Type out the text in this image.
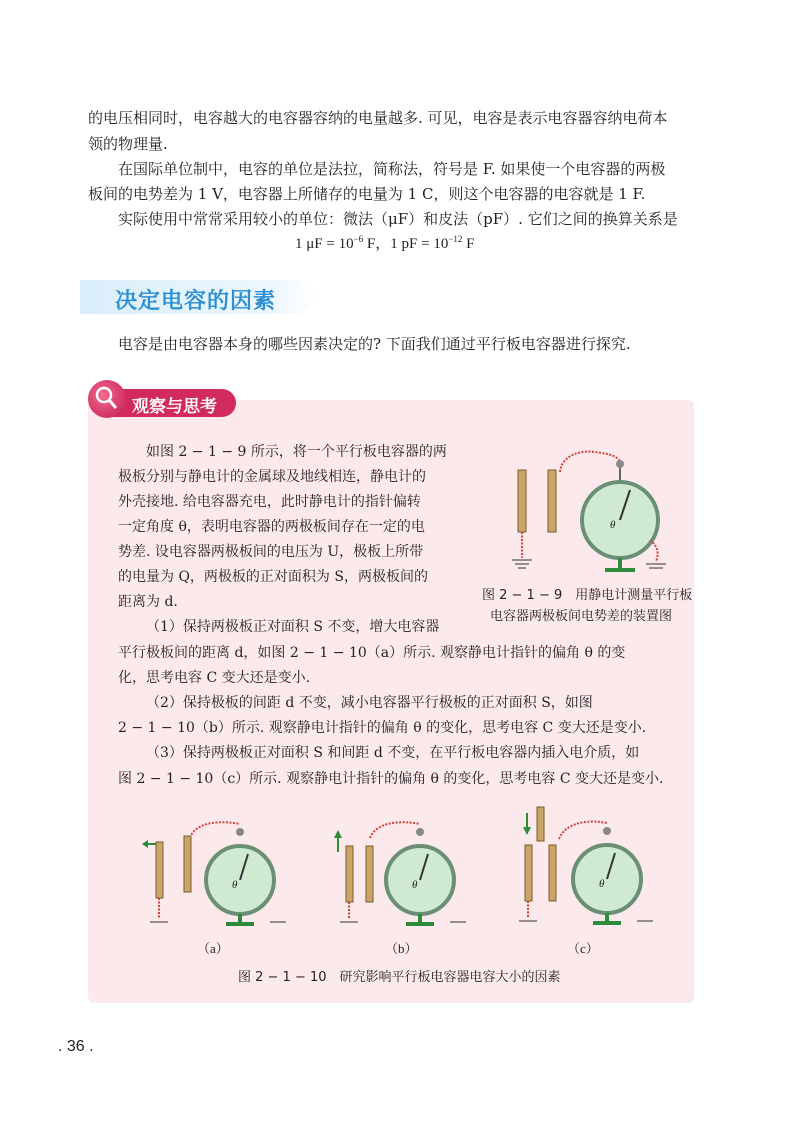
的电压相同时，电容越大的电容器容纳的电量越多. 可见，电容是表示电容器容纳电荷本
领的物理量.
在国际单位制中，电容的单位是法拉，简称法，符号是 F. 如果使一个电容器的两极
板间的电势差为 1 V，电容器上所储存的电量为 1 C，则这个电容器的电容就是 1 F.
实际使用中常常采用较小的单位：微法（μF）和皮法（pF）. 它们之间的换算关系是
1 $\mu F = 10^{-6}$ F，1 pF = $10^{-12}$ F
决定电容的因素
电容是由电容器本身的哪些因素决定的? 下面我们通过平行板电容器进行探究.
观察与思考
如图 2 − 1 − 9 所示，将一个平行板电容器的两
极板分别与静电计的金属球及地线相连，静电计的
外壳接地. 给电容器充电，此时静电计的指针偏转
一定角度 θ，表明电容器的两极板间存在一定的电
势差. 设电容器两极板间的电压为 U，极板上所带
的电量为 Q，两极板的正对面积为 S，两极板间的
距离为 d.
（1）保持两极板正对面积 S 不变，增大电容器
平行极板间的距离 d，如图 2 − 1 − 10（a）所示. 观察静电计指针的偏角 θ 的变
化，思考电容 C 变大还是变小.
（2）保持极板的间距 d 不变，减小电容器平行极板的正对面积 S，如图
2 − 1 − 10（b）所示. 观察静电计指针的偏角 θ 的变化，思考电容 C 变大还是变小.
（3）保持两极板正对面积 S 和间距 d 不变，在平行板电容器内插入电介质，如
图 2 − 1 − 10（c）所示. 观察静电计指针的偏角 θ 的变化，思考电容 C 变大还是变小.
θ
图 2 − 1 − 9　用静电计测量平行板
电容器两极板间电势差的装置图
θ
（a）
θ
（b）
θ
（c）
图 2 − 1 − 10　研究影响平行板电容器电容大小的因素
. 36 .
